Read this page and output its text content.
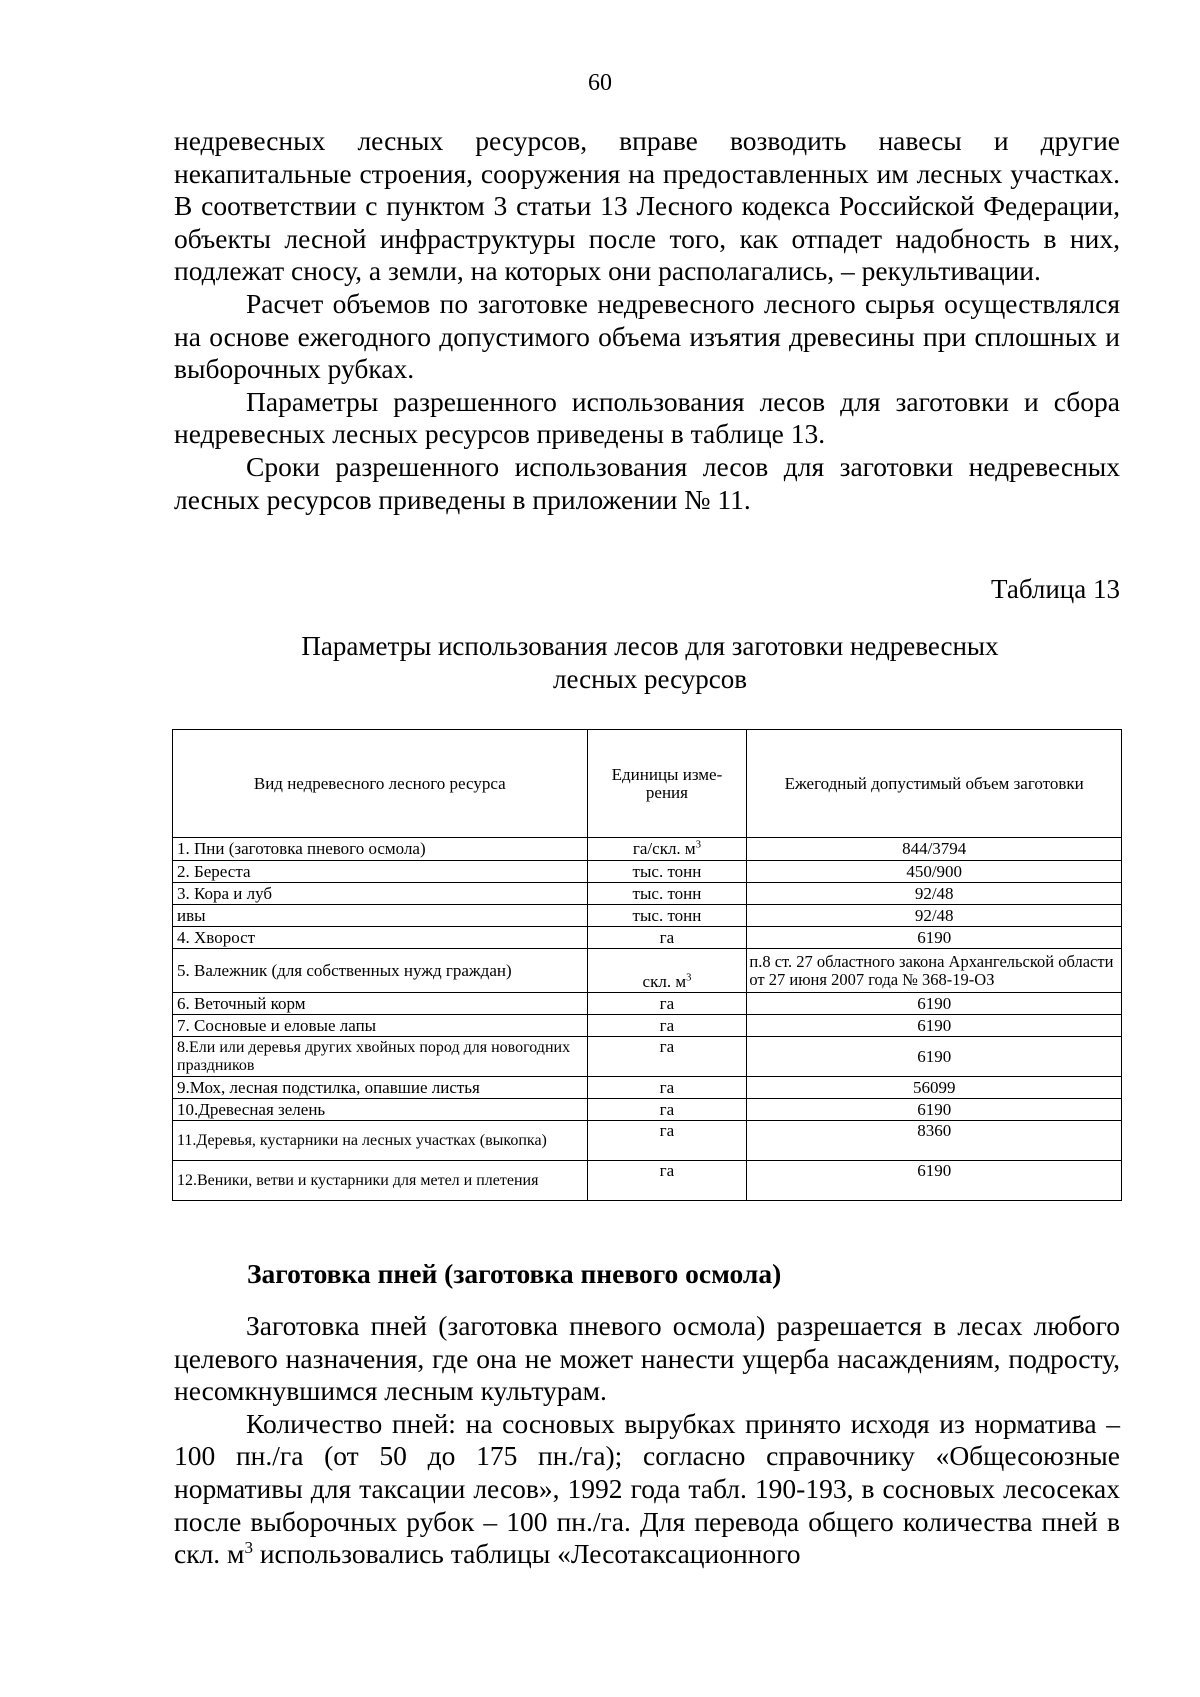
60

недревесных лесных ресурсов, вправе возводить навесы и другие некапитальные строения, сооружения на предоставленных им лесных участках. В соответствии с пунктом 3 статьи 13 Лесного кодекса Российской Федерации, объекты лесной инфраструктуры после того, как отпадет надобность в них, подлежат сносу, а земли, на которых они располагались, – рекультивации.

Расчет объемов по заготовке недревесного лесного сырья осуществлялся на основе ежегодного допустимого объема изъятия древесины при сплошных и выборочных рубках.

Параметры разрешенного использования лесов для заготовки и сбора недревесных лесных ресурсов приведены в таблице 13.

Сроки разрешенного использования лесов для заготовки недревесных лесных ресурсов приведены в приложении № 11.

Таблица 13
Параметры использования лесов для заготовки недревесных
лесных ресурсов
Вид недревесного лесного ресурса	Единицы изме-рения	Ежегодный допустимый объем заготовки
1. Пни (заготовка пневого осмола)	га/скл. $м^3$	844/3794
2. Береста	тыс. тонн	450/900
3. Кора и луб	тыс. тонн	92/48
ивы	тыс. тонн	92/48
4. Хворост	га	6190
5. Валежник (для собственных нужд граждан)	скл. $м^3$	п.8 ст. 27 областного закона Архангельской области от 27 июня 2007 года № 368-19-ОЗ
6. Веточный корм	га	6190
7. Сосновые и еловые лапы	га	6190
8.Ели или деревья других хвойных пород для новогодних праздников	га	6190
9.Мох, лесная подстилка, опавшие листья	га	56099
10.Древесная зелень	га	6190
11.Деревья, кустарники на лесных участках (выкопка)	га	8360
12.Веники, ветви и кустарники для метел и плетения	га	6190
Заготовка пней (заготовка пневого осмола)

Заготовка пней (заготовка пневого осмола) разрешается в лесах любого целевого назначения, где она не может нанести ущерба насаждениям, подросту, несомкнувшимся лесным культурам.

Количество пней: на сосновых вырубках принято исходя из норматива – 100 пн./га (от 50 до 175 пн./га); согласно справочнику «Общесоюзные нормативы для таксации лесов», 1992 года табл. 190-193, в сосновых лесосеках после выборочных рубок – 100 пн./га. Для перевода общего количества пней в скл. $м^3$ использовались таблицы «Лесотаксационного
